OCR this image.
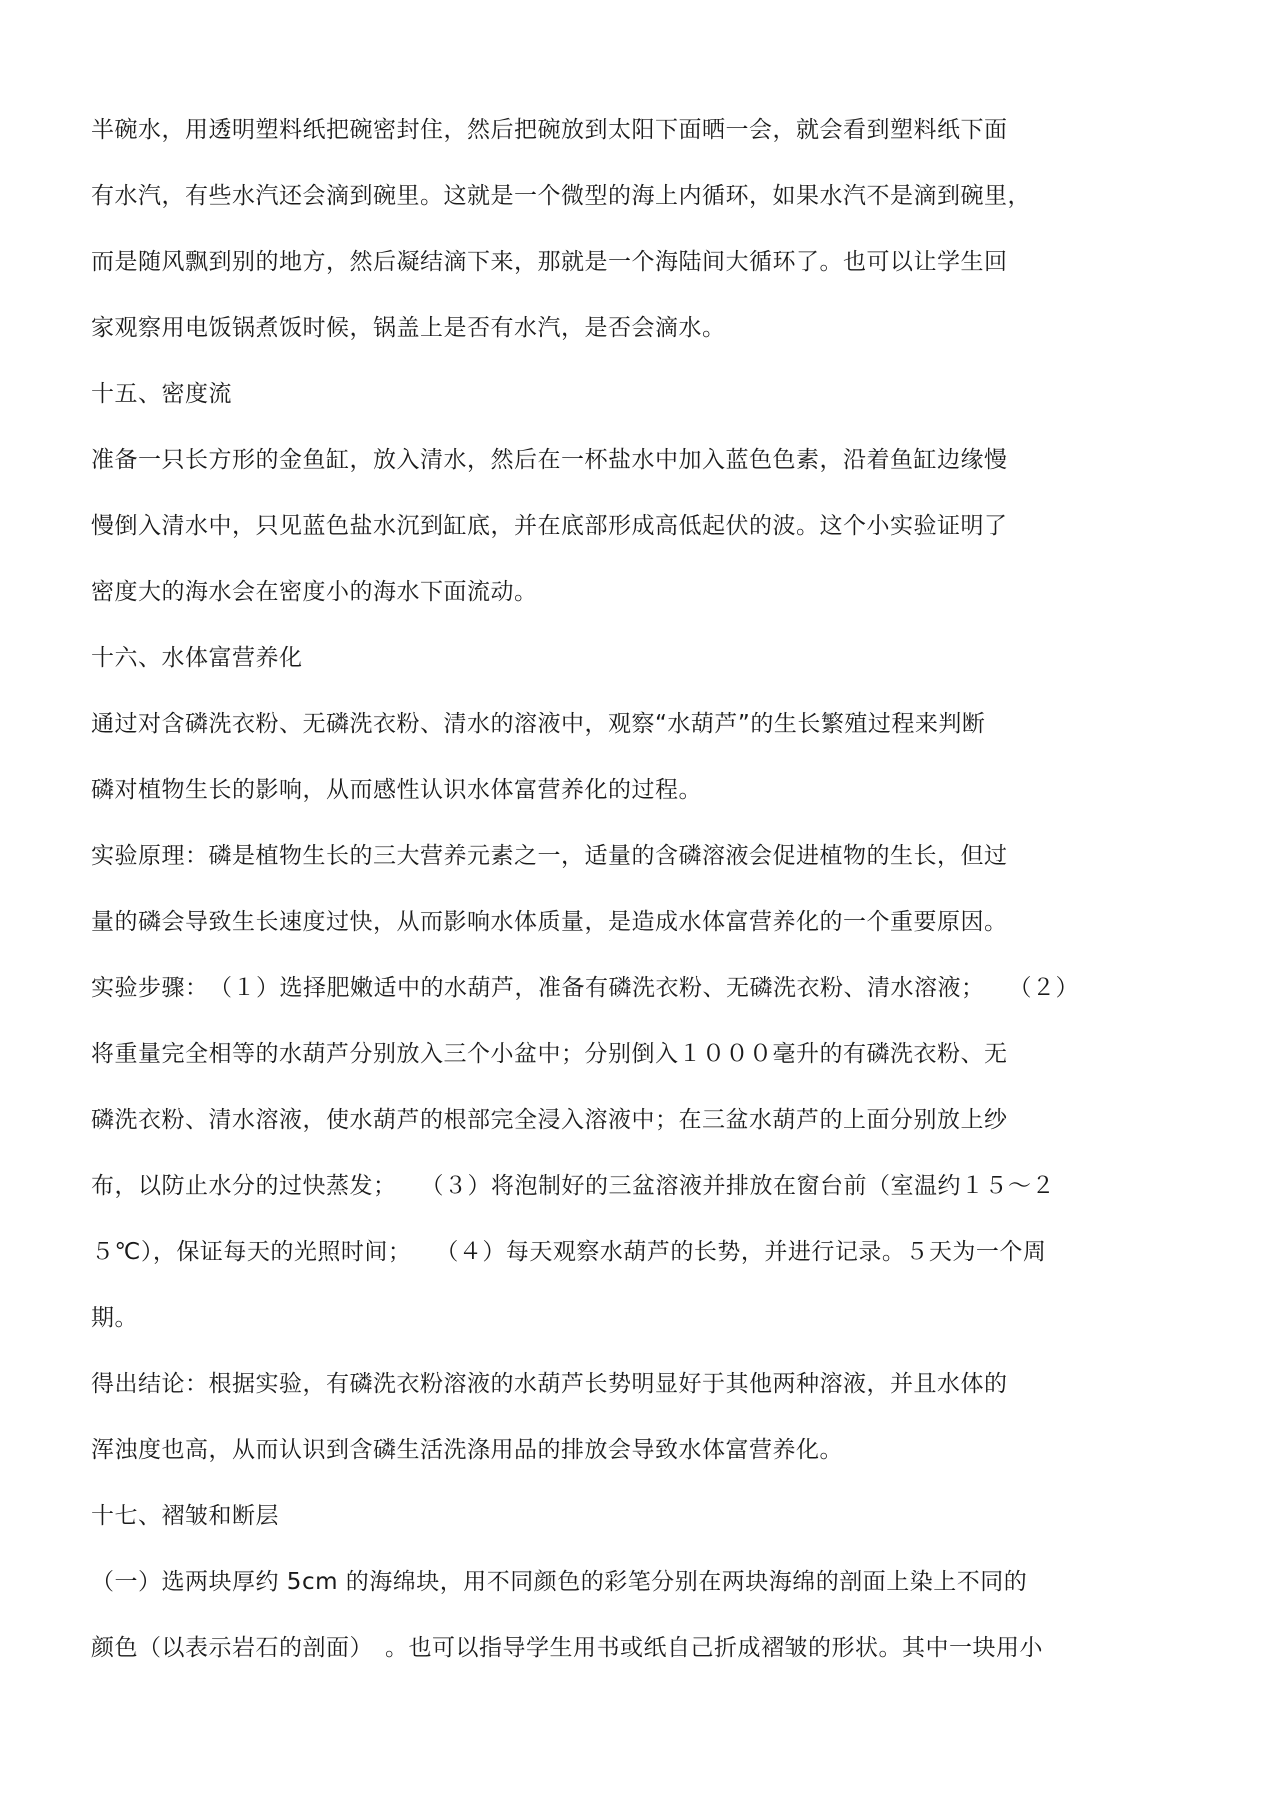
半碗水，用透明塑料纸把碗密封住，然后把碗放到太阳下面晒一会，就会看到塑料纸下面
有水汽，有些水汽还会滴到碗里。这就是一个微型的海上内循环，如果水汽不是滴到碗里，
而是随风飘到别的地方，然后凝结滴下来，那就是一个海陆间大循环了。也可以让学生回
家观察用电饭锅煮饭时候，锅盖上是否有水汽，是否会滴水。
十五、密度流
准备一只长方形的金鱼缸，放入清水，然后在一杯盐水中加入蓝色色素，沿着鱼缸边缘慢
慢倒入清水中，只见蓝色盐水沉到缸底，并在底部形成高低起伏的波。这个小实验证明了
密度大的海水会在密度小的海水下面流动。
十六、水体富营养化
通过对含磷洗衣粉、无磷洗衣粉、清水的溶液中，观察“水葫芦”的生长繁殖过程来判断
磷对植物生长的影响，从而感性认识水体富营养化的过程。
实验原理：磷是植物生长的三大营养元素之一，适量的含磷溶液会促进植物的生长，但过
量的磷会导致生长速度过快，从而影响水体质量，是造成水体富营养化的一个重要原因。
实验步骤：　（１）选择肥嫩适中的水葫芦，准备有磷洗衣粉、无磷洗衣粉、清水溶液；　　（２）
将重量完全相等的水葫芦分别放入三个小盆中；分别倒入１０００毫升的有磷洗衣粉、无
磷洗衣粉、清水溶液，使水葫芦的根部完全浸入溶液中；在三盆水葫芦的上面分别放上纱
布，以防止水分的过快蒸发；　　（３）将泡制好的三盆溶液并排放在窗台前（室温约１５～２
５℃），保证每天的光照时间；　　（４）每天观察水葫芦的长势，并进行记录。５天为一个周
期。
得出结论：根据实验，有磷洗衣粉溶液的水葫芦长势明显好于其他两种溶液，并且水体的
浑浊度也高，从而认识到含磷生活洗涤用品的排放会导致水体富营养化。
十七、褶皱和断层
（一）选两块厚约 5cm 的海绵块，用不同颜色的彩笔分别在两块海绵的剖面上染上不同的
颜色（以表示岩石的剖面）　。也可以指导学生用书或纸自己折成褶皱的形状。其中一块用小
